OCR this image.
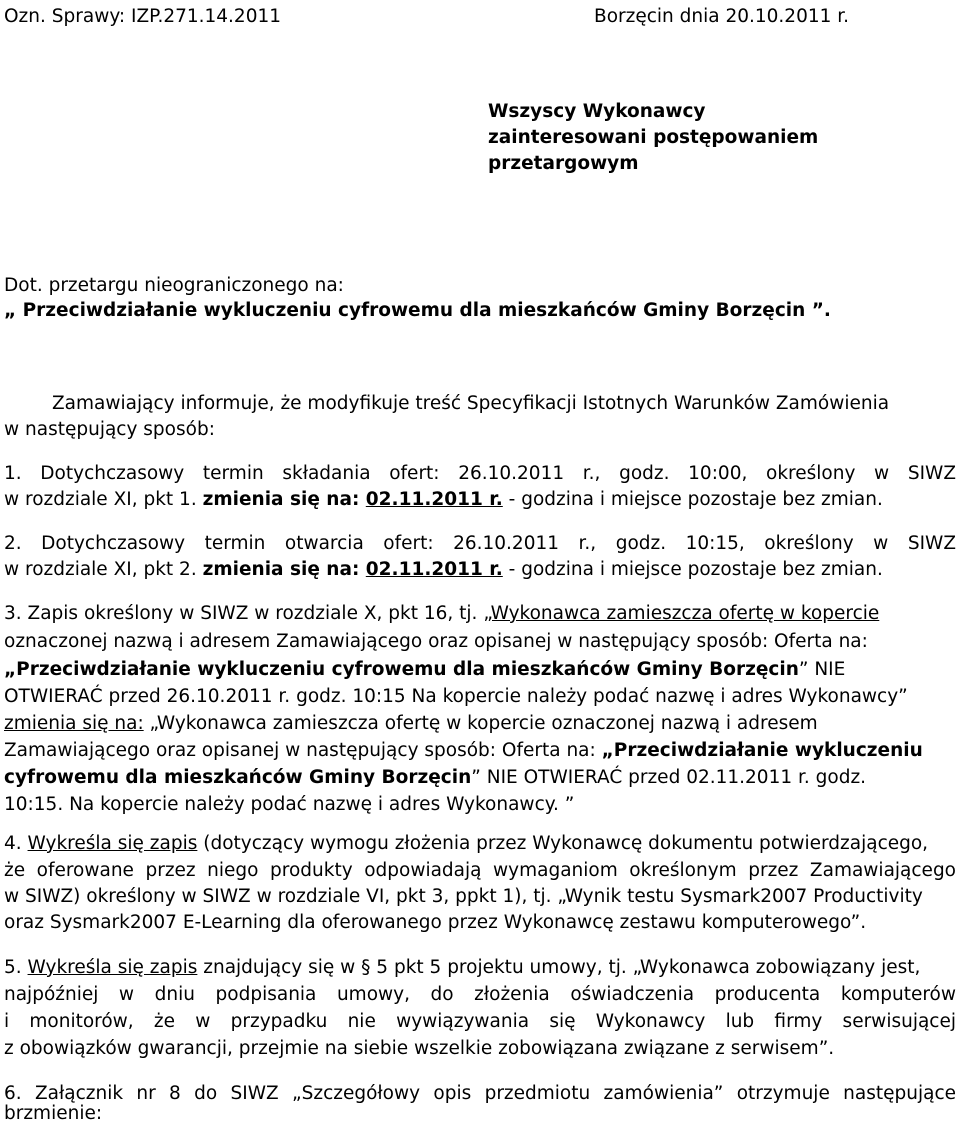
Ozn. Sprawy: IZP.271.14.2011	Borzęcin dnia 20.10.2011 r.
Wszyscy Wykonawcy
zainteresowani postępowaniem
przetargowym
Dot. przetargu nieograniczonego na:
„ Przeciwdziałanie wykluczeniu cyfrowemu dla mieszkańców Gminy Borzęcin ”.
Zamawiający informuje, że modyfikuje treść Specyfikacji Istotnych Warunków Zamówienia
w następujący sposób:
1. Dotychczasowy termin składania ofert: 26.10.2011 r., godz. 10:00, określony w SIWZ
w rozdziale XI, pkt 1. zmienia się na: 02.11.2011 r. - godzina i miejsce pozostaje bez zmian.
2. Dotychczasowy termin otwarcia ofert: 26.10.2011 r., godz. 10:15, określony w SIWZ
w rozdziale XI, pkt 2. zmienia się na: 02.11.2011 r. - godzina i miejsce pozostaje bez zmian.
3. Zapis określony w SIWZ w rozdziale X, pkt 16, tj. „Wykonawca zamieszcza ofertę w kopercie
oznaczonej nazwą i adresem Zamawiającego oraz opisanej w następujący sposób: Oferta na:
„Przeciwdziałanie wykluczeniu cyfrowemu dla mieszkańców Gminy Borzęcin” NIE
OTWIERAĆ przed 26.10.2011 r. godz. 10:15 Na kopercie należy podać nazwę i adres Wykonawcy”
zmienia się na: „Wykonawca zamieszcza ofertę w kopercie oznaczonej nazwą i adresem
Zamawiającego oraz opisanej w następujący sposób: Oferta na: „Przeciwdziałanie wykluczeniu
cyfrowemu dla mieszkańców Gminy Borzęcin” NIE OTWIERAĆ przed 02.11.2011 r. godz.
10:15. Na kopercie należy podać nazwę i adres Wykonawcy. ”
4. Wykreśla się zapis (dotyczący wymogu złożenia przez Wykonawcę dokumentu potwierdzającego,
że oferowane przez niego produkty odpowiadają wymaganiom określonym przez Zamawiającego
w SIWZ) określony w SIWZ w rozdziale VI, pkt 3, ppkt 1), tj. „Wynik testu Sysmark2007 Productivity
oraz Sysmark2007 E-Learning dla oferowanego przez Wykonawcę zestawu komputerowego”.
5. Wykreśla się zapis znajdujący się w § 5 pkt 5 projektu umowy, tj. „Wykonawca zobowiązany jest,
najpóźniej w dniu podpisania umowy, do złożenia oświadczenia producenta komputerów
i monitorów, że w przypadku nie wywiązywania się Wykonawcy lub firmy serwisującej
z obowiązków gwarancji, przejmie na siebie wszelkie zobowiązana związane z serwisem”.
6. Załącznik nr 8 do SIWZ „Szczegółowy opis przedmiotu zamówienia” otrzymuje następujące
brzmienie:
